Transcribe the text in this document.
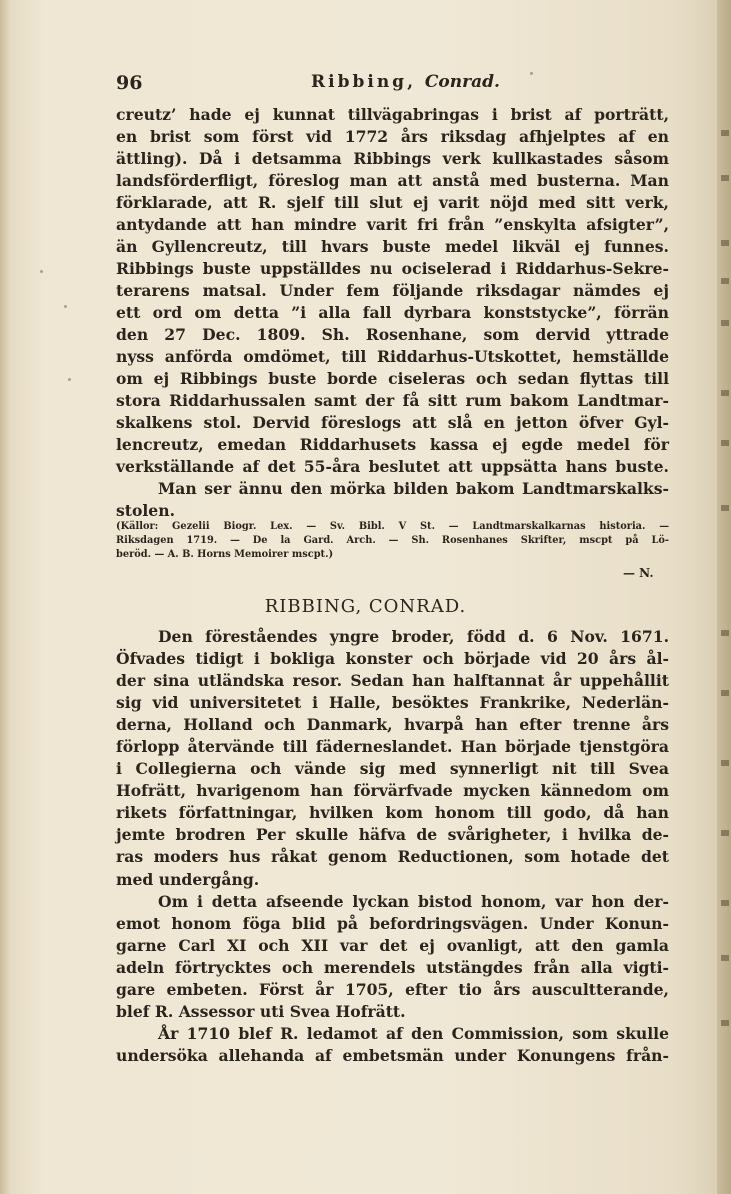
96	Ribbing, Conrad.
creutz’ hade ej kunnat tillvägabringas i brist af porträtt,
en brist som först vid 1772 års riksdag afhjelptes af en
ättling). Då i detsamma Ribbings verk kullkastades såsom
landsförderfligt, föreslog man att anstå med busterna. Man
förklarade, att R. sjelf till slut ej varit nöjd med sitt verk,
antydande att han mindre varit fri från ”enskylta afsigter”,
än Gyllencreutz, till hvars buste medel likväl ej funnes.
Ribbings buste uppställdes nu ociselerad i Riddarhus-Sekre-
terarens matsal. Under fem följande riksdagar nämdes ej
ett ord om detta ”i alla fall dyrbara konststycke”, förrän
den 27 Dec. 1809. Sh. Rosenhane, som dervid yttrade
nyss anförda omdömet, till Riddarhus-Utskottet, hemställde
om ej Ribbings buste borde ciseleras och sedan flyttas till
stora Riddarhussalen samt der få sitt rum bakom Landtmar-
skalkens stol. Dervid föreslogs att slå en jetton öfver Gyl-
lencreutz, emedan Riddarhusets kassa ej egde medel för
verkställande af det 55-åra beslutet att uppsätta hans buste.
Man ser ännu den mörka bilden bakom Landtmarskalks-
stolen.
(Källor: Gezelii Biogr. Lex. — Sv. Bibl. V St. — Landtmarskalkarnas historia. —
Riksdagen 1719. — De la Gard. Arch. — Sh. Rosenhanes Skrifter, mscpt på Lö-
beröd. — A. B. Horns Memoirer mscpt.)
— N.
RIBBING, CONRAD.
Den föreståendes yngre broder, född d. 6 Nov. 1671.
Öfvades tidigt i bokliga konster och började vid 20 års ål-
der sina utländska resor. Sedan han halftannat år uppehållit
sig vid universitetet i Halle, besöktes Frankrike, Nederlän-
derna, Holland och Danmark, hvarpå han efter trenne års
förlopp återvände till fäderneslandet. Han började tjenstgöra
i Collegierna och vände sig med synnerligt nit till Svea
Hofrätt, hvarigenom han förvärfvade mycken kännedom om
rikets författningar, hvilken kom honom till godo, då han
jemte brodren Per skulle häfva de svårigheter, i hvilka de-
ras moders hus råkat genom Reductionen, som hotade det
med undergång.
Om i detta afseende lyckan bistod honom, var hon der-
emot honom föga blid på befordringsvägen. Under Konun-
garne Carl XI och XII var det ej ovanligt, att den gamla
adeln förtrycktes och merendels utstängdes från alla vigti-
gare embeten. Först år 1705, efter tio års auscultterande,
blef R. Assessor uti Svea Hofrätt.
År 1710 blef R. ledamot af den Commission, som skulle
undersöka allehanda af embetsmän under Konungens från-
